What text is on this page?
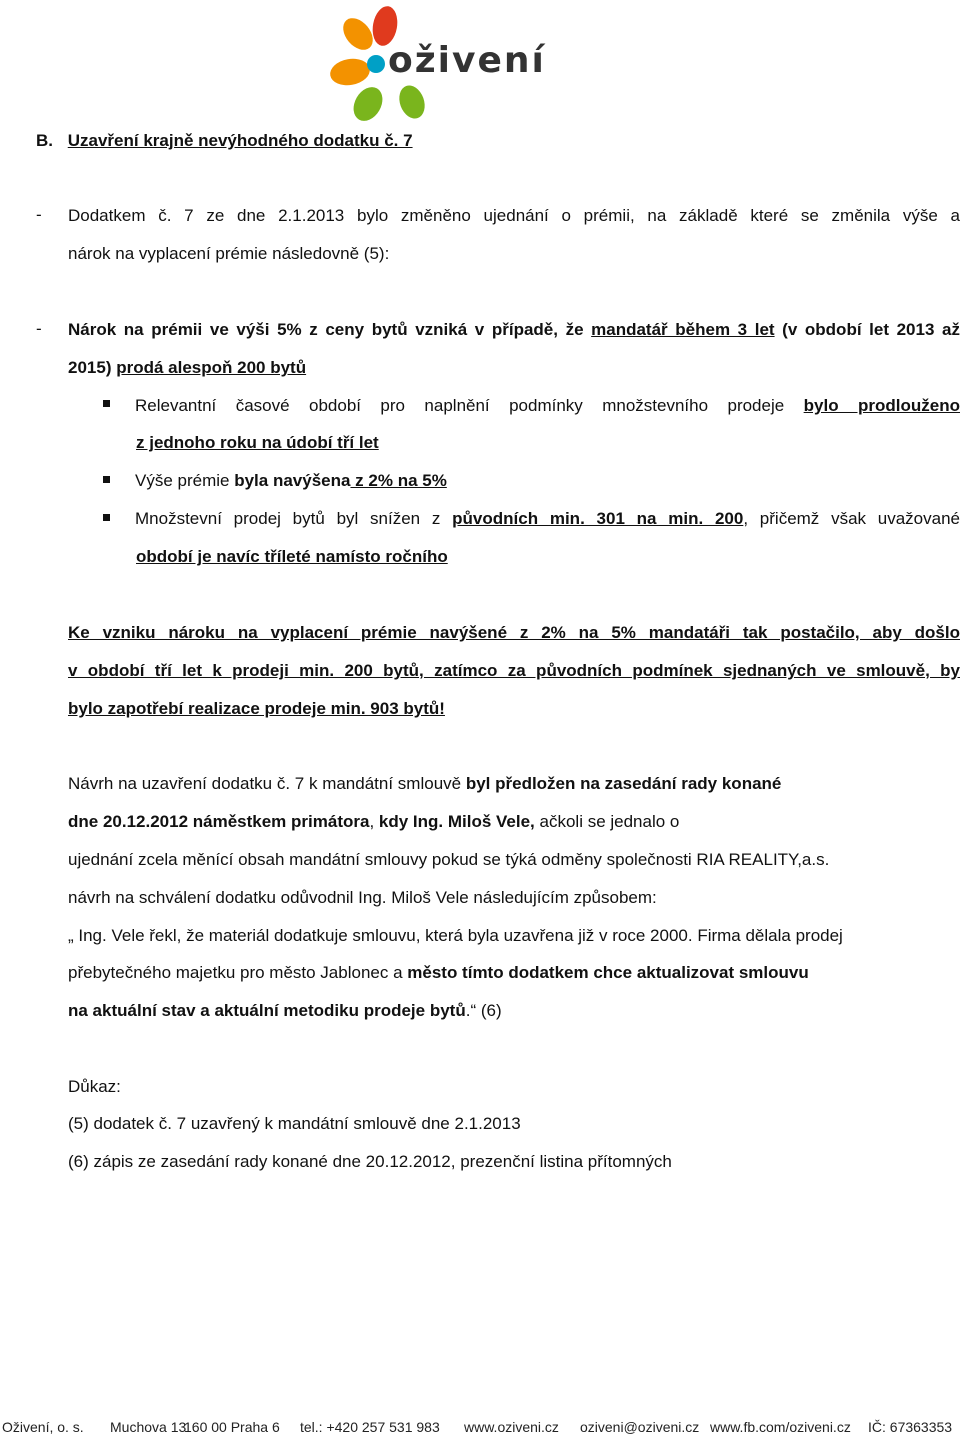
oživení
B. Uzavření krajně nevýhodného dodatku č. 7
- Dodatkem č. 7 ze dne 2.1.2013 bylo změněno ujednání o prémii, na základě které se změnila výše a
nárok na vyplacení prémie následovně (5):
- Nárok na prémii ve výši 5% z ceny bytů vzniká v případě, že mandatář během 3 let (v období let 2013 až
2015) prodá alespoň 200 bytů
Relevantní časové období pro naplnění podmínky množstevního prodeje bylo prodlouženo
z jednoho roku na údobí tří let
Výše prémie byla navýšena z 2% na 5%
Množstevní prodej bytů byl snížen z původních min. 301 na min. 200, přičemž však uvažované
období je navíc tříleté namísto ročního
Ke vzniku nároku na vyplacení prémie navýšené z 2% na 5% mandatáři tak postačilo, aby došlo
v období tří let k prodeji min. 200 bytů, zatímco za původních podmínek sjednaných ve smlouvě, by
bylo zapotřebí realizace prodeje min. 903 bytů!
Návrh na uzavření dodatku č. 7 k mandátní smlouvě byl předložen na zasedání rady konané
dne 20.12.2012 náměstkem primátora, kdy Ing. Miloš Vele, ačkoli se jednalo o
ujednání zcela měnící obsah mandátní smlouvy pokud se týká odměny společnosti RIA REALITY,a.s.
návrh na schválení dodatku odůvodnil Ing. Miloš Vele následujícím způsobem:
„ Ing. Vele řekl, že materiál dodatkuje smlouvu, která byla uzavřena již v roce 2000. Firma dělala prodej
přebytečného majetku pro město Jablonec a město tímto dodatkem chce aktualizovat smlouvu
na aktuální stav a aktuální metodiku prodeje bytů.“ (6)
Důkaz:
(5) dodatek č. 7 uzavřený k mandátní smlouvě dne 2.1.2013
(6) zápis ze zasedání rady konané dne 20.12.2012, prezenční listina přítomných
Oživení, o. s. Muchova 13
160 00 Praha 6 tel.: +420 257 531 983 www.oziveni.cz oziveni@oziveni.cz www.fb.com/oziveni.cz IČ: 67363353
